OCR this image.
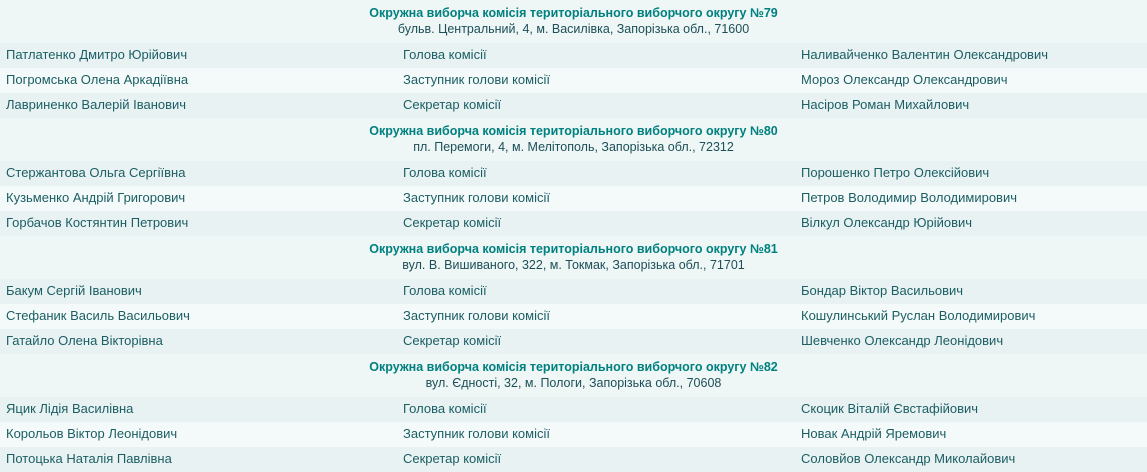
Окружна виборча комісія територіального виборчого округу №79
бульв. Центральний, 4, м. Василівка, Запорізька обл., 71600		

Патлатенко Дмитро Юрійович	Голова комісії	Наливайченко Валентин Олександрович
Погромська Олена Аркадіївна	Заступник голови комісії	Мороз Олександр Олександрович
Лавриненко Валерій Іванович	Секретар комісії	Насіров Роман Михайлович

Окружна виборча комісія територіального виборчого округу №80
пл. Перемоги, 4, м. Мелітополь, Запорізька обл., 72312		

Стержантова Ольга Сергіївна	Голова комісії	Порошенко Петро Олексійович
Кузьменко Андрій Григорович	Заступник голови комісії	Петров Володимир Володимирович
Горбачов Костянтин Петрович	Секретар комісії	Вілкул Олександр Юрійович

Окружна виборча комісія територіального виборчого округу №81
вул. В. Вишиваного, 322, м. Токмак, Запорізька обл., 71701		

Бакум Сергій Іванович	Голова комісії	Бондар Віктор Васильович
Стефаник Василь Васильович	Заступник голови комісії	Кошулинський Руслан Володимирович
Гатайло Олена Вікторівна	Секретар комісії	Шевченко Олександр Леонідович

Окружна виборча комісія територіального виборчого округу №82
вул. Єдності, 32, м. Пологи, Запорізька обл., 70608		

Яцик Лідія Василівна	Голова комісії	Скоцик Віталій Євстафійович
Корольов Віктор Леонідович	Заступник голови комісії	Новак Андрій Яремович
Потоцька Наталія Павлівна	Секретар комісії	Соловйов Олександр Миколайович
